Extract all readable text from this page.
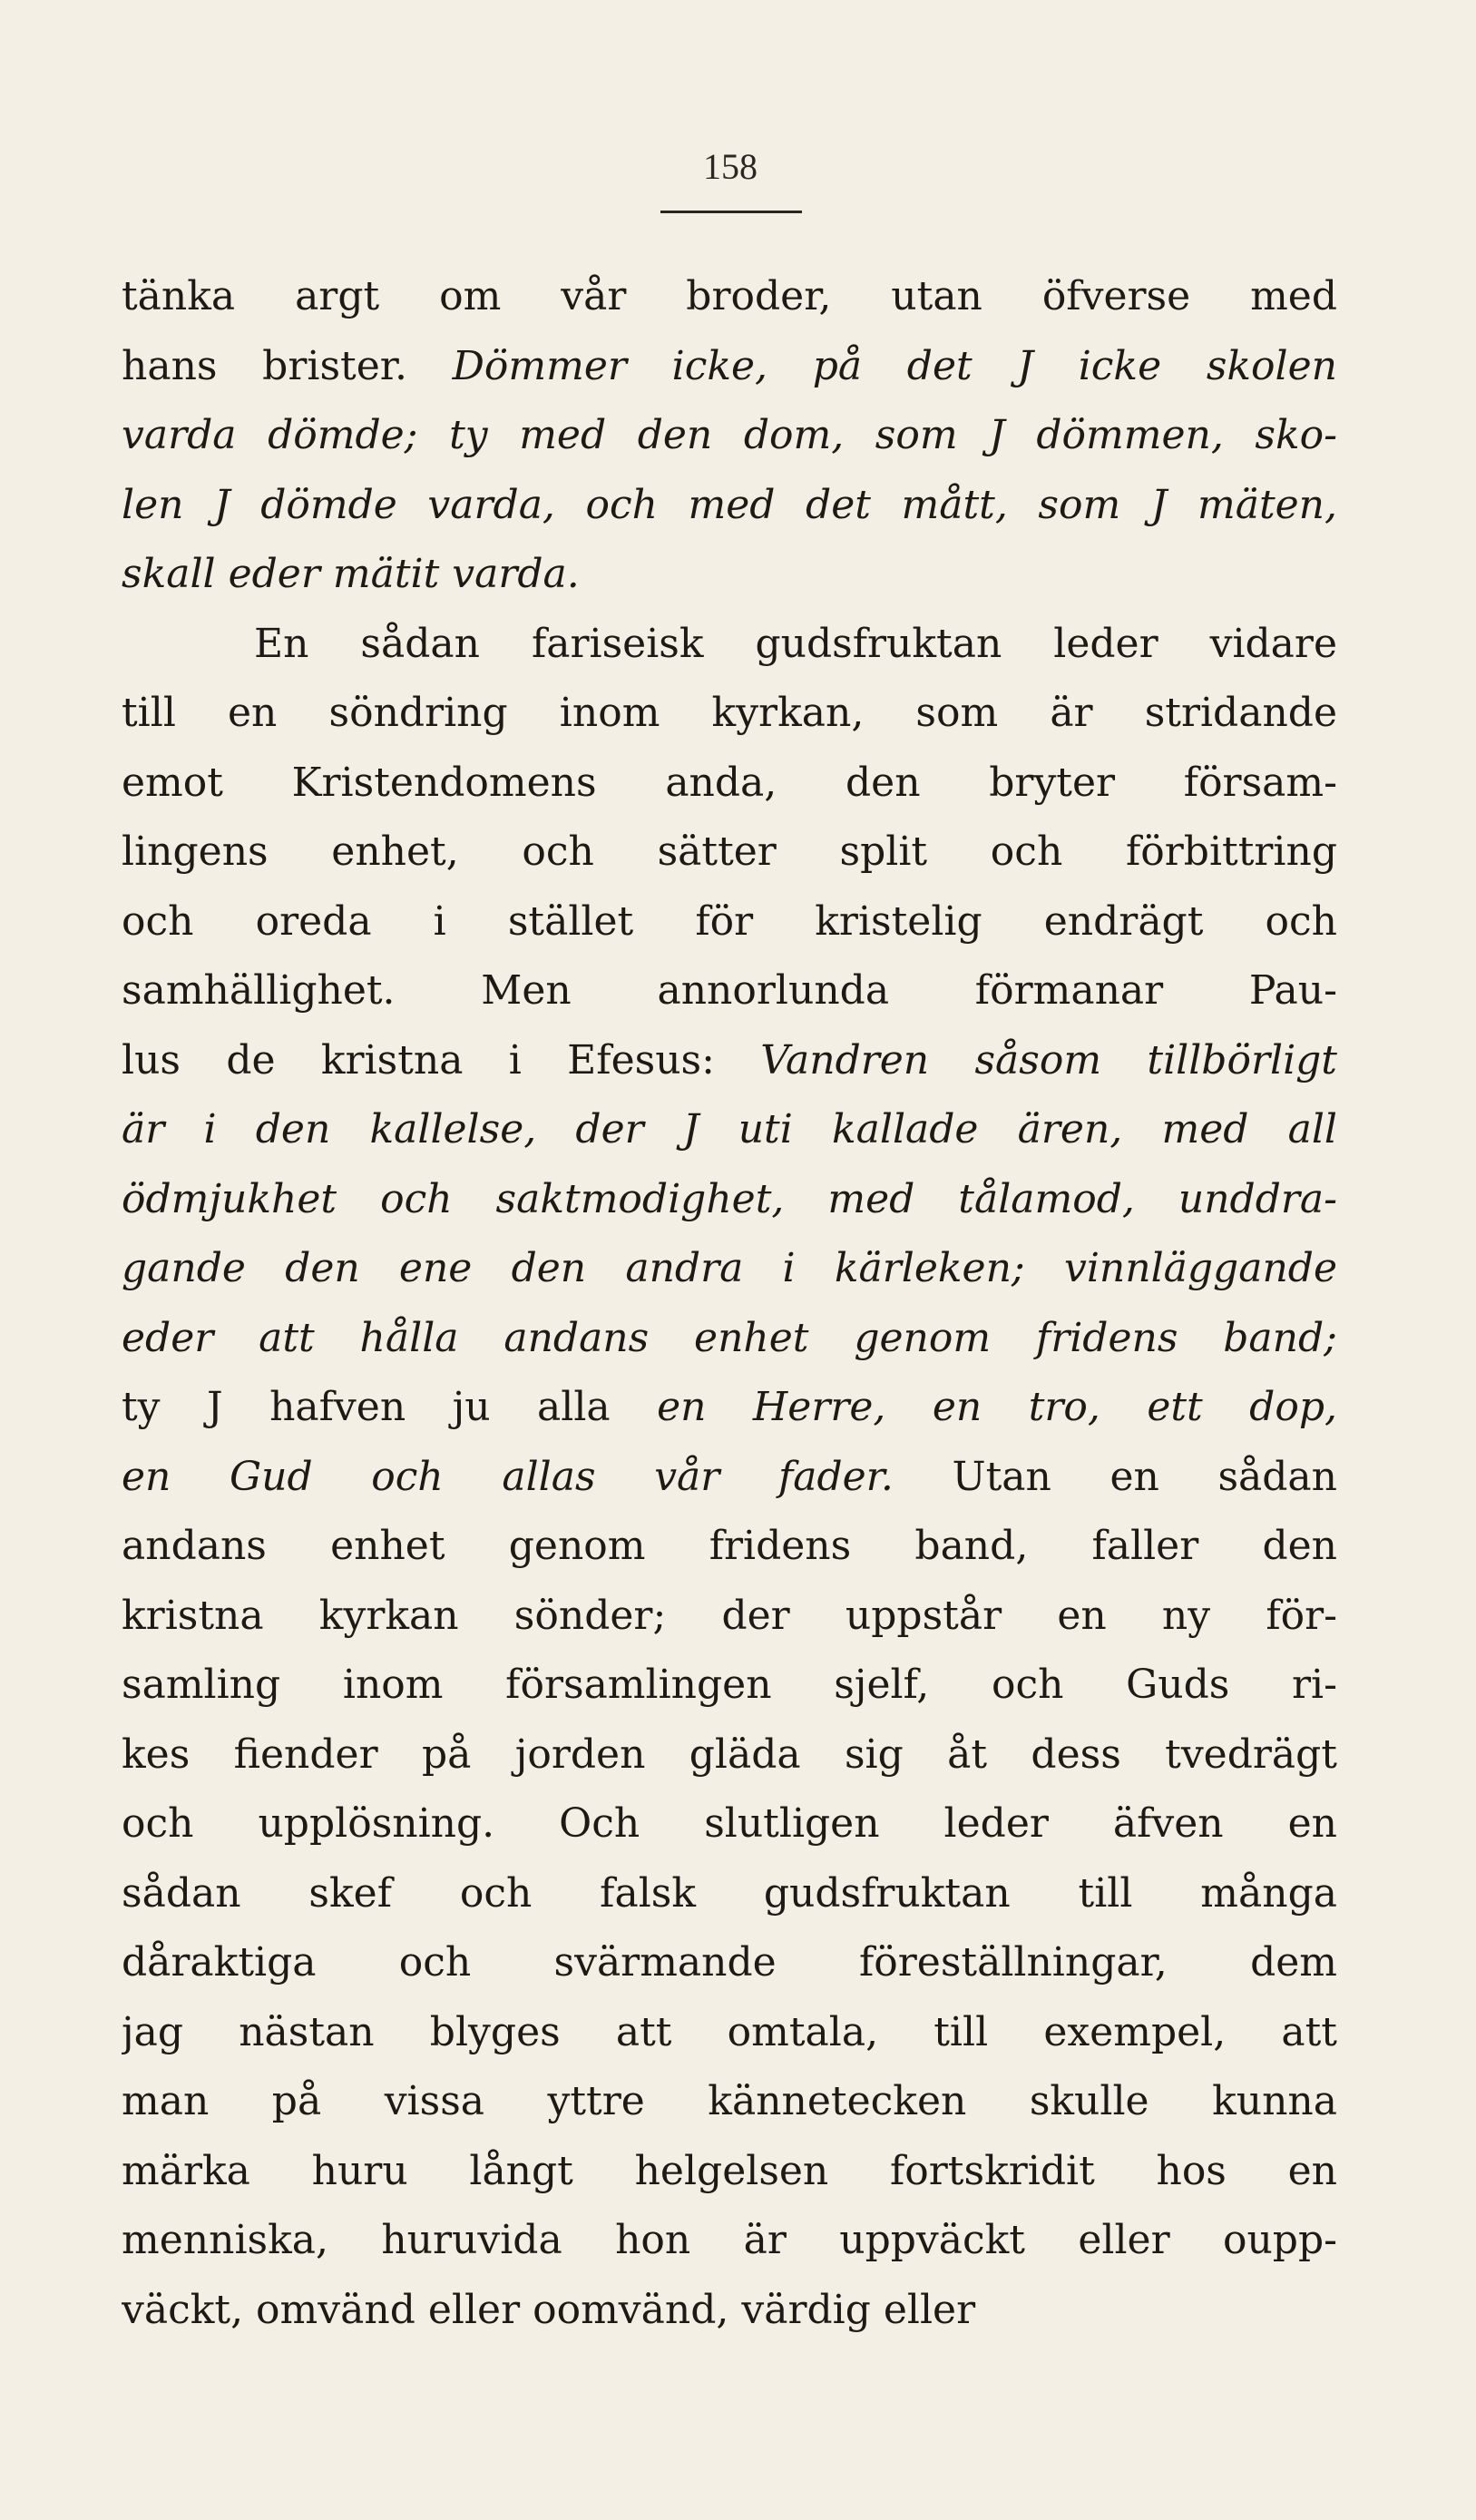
158
tänka argt om vår broder, utan öfverse med
hans brister. Dömmer icke, på det J icke skolen
varda dömde; ty med den dom, som J dömmen, sko-
len J dömde varda, och med det mått, som J mäten,
skall eder mätit varda.
En sådan fariseisk gudsfruktan leder vidare
till en söndring inom kyrkan, som är stridande
emot Kristendomens anda, den bryter försam-
lingens enhet, och sätter split och förbittring
och oreda i stället för kristelig endrägt och
samhällighet. Men annorlunda förmanar Pau-
lus de kristna i Efesus: Vandren såsom tillbörligt
är i den kallelse, der J uti kallade ären, med all
ödmjukhet och saktmodighet, med tålamod, unddra-
gande den ene den andra i kärleken; vinnläggande
eder att hålla andans enhet genom fridens band;
ty J hafven ju alla en Herre, en tro, ett dop,
en Gud och allas vår fader. Utan en sådan
andans enhet genom fridens band, faller den
kristna kyrkan sönder; der uppstår en ny för-
samling inom församlingen sjelf, och Guds ri-
kes fiender på jorden gläda sig åt dess tvedrägt
och upplösning. Och slutligen leder äfven en
sådan skef och falsk gudsfruktan till många
dåraktiga och svärmande föreställningar, dem
jag nästan blyges att omtala, till exempel, att
man på vissa yttre kännetecken skulle kunna
märka huru långt helgelsen fortskridit hos en
menniska, huruvida hon är uppväckt eller oupp-
väckt, omvänd eller oomvänd, värdig eller
